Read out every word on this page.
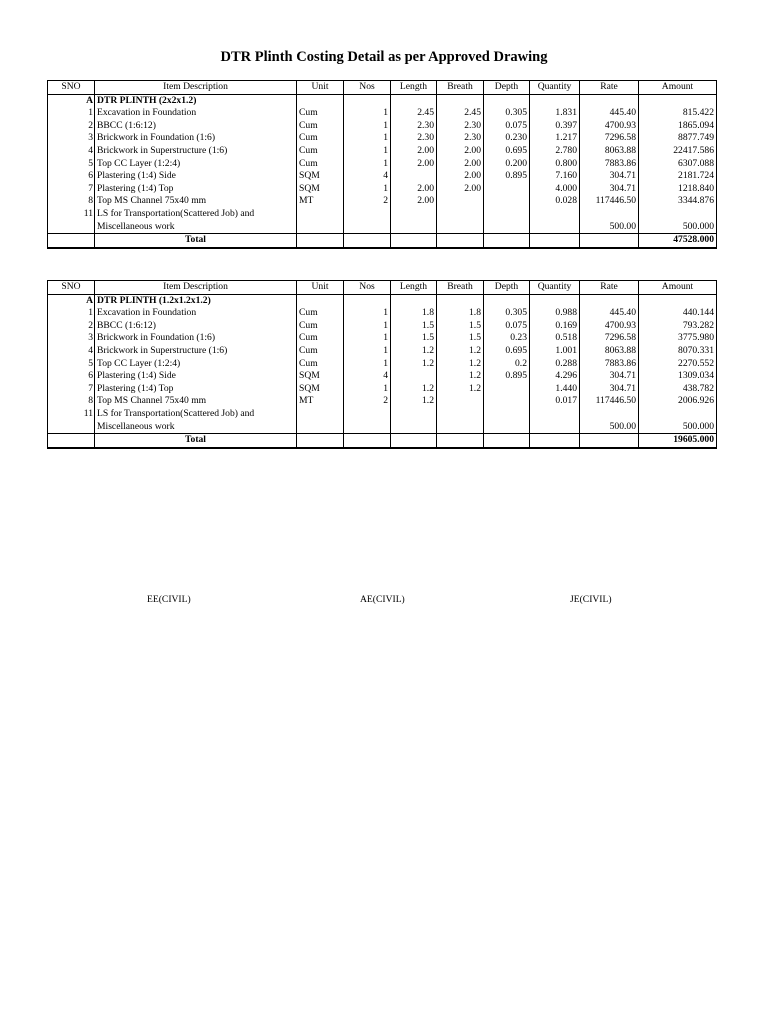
DTR Plinth Costing Detail as per Approved Drawing
SNO	Item Description	Unit	Nos	Length	Breath	Depth	Quantity	Rate	Amount
A	DTR PLINTH (2x2x1.2)								
1	Excavation in Foundation	Cum	1	2.45	2.45	0.305	1.831	445.40	815.422
2	BBCC (1:6:12)	Cum	1	2.30	2.30	0.075	0.397	4700.93	1865.094
3	Brickwork in Foundation (1:6)	Cum	1	2.30	2.30	0.230	1.217	7296.58	8877.749
4	Brickwork in Superstructure (1:6)	Cum	1	2.00	2.00	0.695	2.780	8063.88	22417.586
5	Top CC Layer (1:2:4)	Cum	1	2.00	2.00	0.200	0.800	7883.86	6307.088
6	Plastering (1:4) Side	SQM	4		2.00	0.895	7.160	304.71	2181.724
7	Plastering (1:4) Top	SQM	1	2.00	2.00		4.000	304.71	1218.840
8	Top MS Channel 75x40 mm	MT	2	2.00			0.028	117446.50	3344.876
11	LS for Transportation(Scattered Job) and								
	Miscellaneous work							500.00	500.000
	Total								47528.000
SNO	Item Description	Unit	Nos	Length	Breath	Depth	Quantity	Rate	Amount
A	DTR PLINTH (1.2x1.2x1.2)								
1	Excavation in Foundation	Cum	1	1.8	1.8	0.305	0.988	445.40	440.144
2	BBCC (1:6:12)	Cum	1	1.5	1.5	0.075	0.169	4700.93	793.282
3	Brickwork in Foundation (1:6)	Cum	1	1.5	1.5	0.23	0.518	7296.58	3775.980
4	Brickwork in Superstructure (1:6)	Cum	1	1.2	1.2	0.695	1.001	8063.88	8070.331
5	Top CC Layer (1:2:4)	Cum	1	1.2	1.2	0.2	0.288	7883.86	2270.552
6	Plastering (1:4) Side	SQM	4		1.2	0.895	4.296	304.71	1309.034
7	Plastering (1:4) Top	SQM	1	1.2	1.2		1.440	304.71	438.782
8	Top MS Channel 75x40 mm	MT	2	1.2			0.017	117446.50	2006.926
11	LS for Transportation(Scattered Job) and								
	Miscellaneous work							500.00	500.000
	Total								19605.000
EE(CIVIL)	AE(CIVIL)	JE(CIVIL)
